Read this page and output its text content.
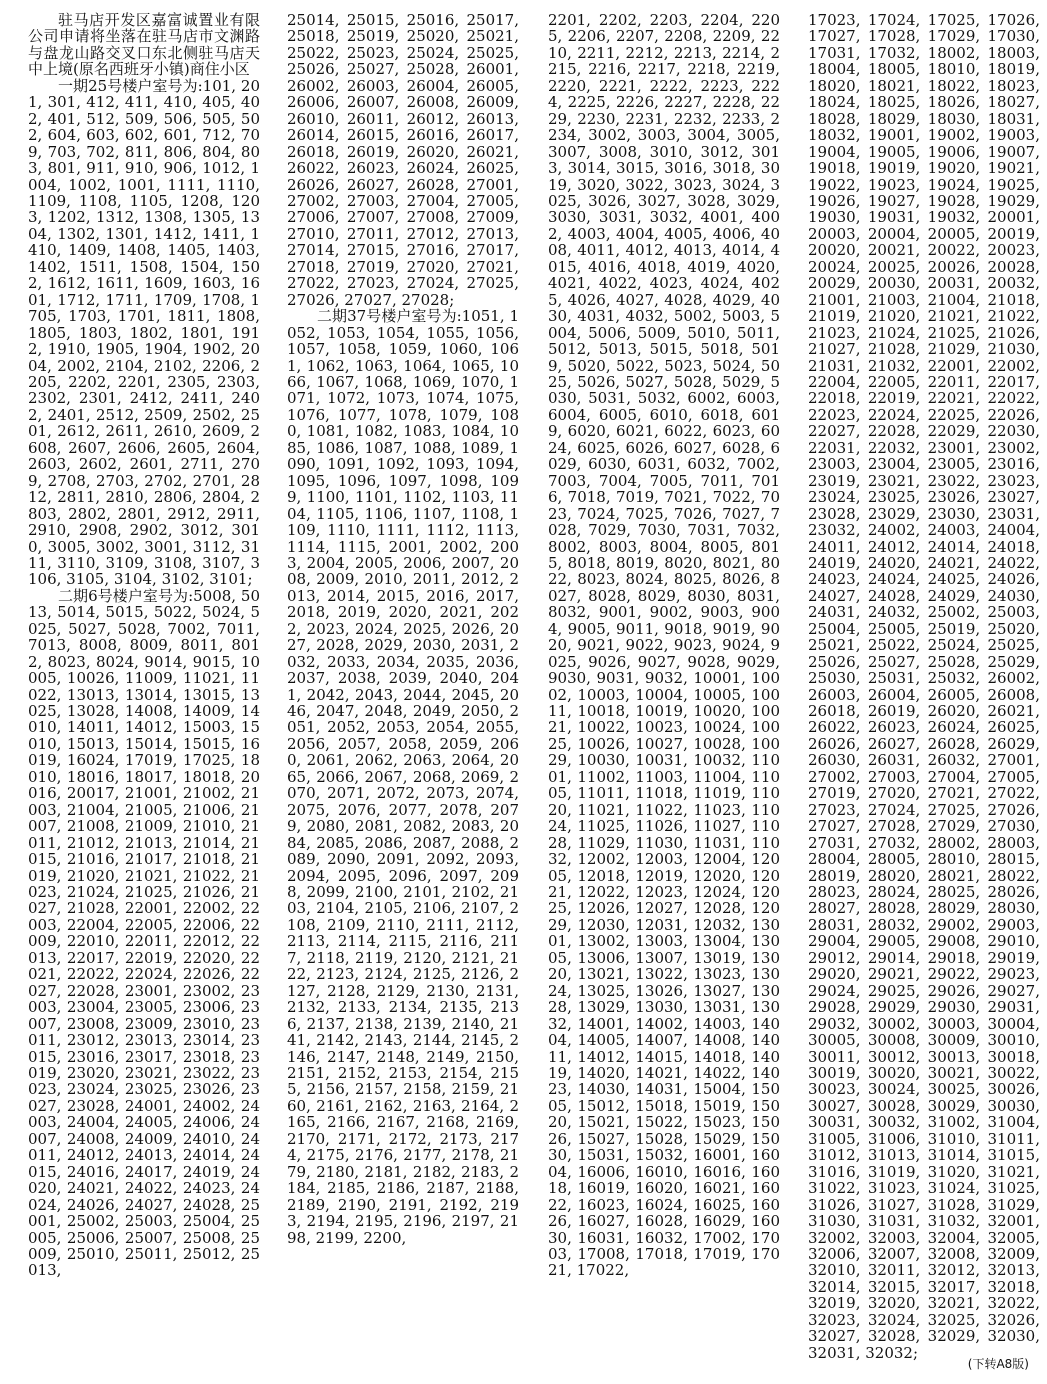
驻马店开发区嘉富诚置业有限公司申请将坐落在驻马店市文渊路与盘龙山路交叉口东北侧驻马店天中上境(原名西班牙小镇)商住小区

一期25号楼户室号为:101, 201, 301, 412, 411, 410, 405, 402, 401, 512, 509, 506, 505, 502, 604, 603, 602, 601, 712, 709, 703, 702, 811, 806, 804, 803, 801, 911, 910, 906, 1012, 1004, 1002, 1001, 1111, 1110, 1109, 1108, 1105, 1208, 1203, 1202, 1312, 1308, 1305, 1304, 1302, 1301, 1412, 1411, 1410, 1409, 1408, 1405, 1403, 1402, 1511, 1508, 1504, 1502, 1612, 1611, 1609, 1603, 1601, 1712, 1711, 1709, 1708, 1705, 1703, 1701, 1811, 1808, 1805, 1803, 1802, 1801, 1912, 1910, 1905, 1904, 1902, 2004, 2002, 2104, 2102, 2206, 2205, 2202, 2201, 2305, 2303, 2302, 2301, 2412, 2411, 2402, 2401, 2512, 2509, 2502, 2501, 2612, 2611, 2610, 2609, 2608, 2607, 2606, 2605, 2604, 2603, 2602, 2601, 2711, 2709, 2708, 2703, 2702, 2701, 2812, 2811, 2810, 2806, 2804, 2803, 2802, 2801, 2912, 2911, 2910, 2908, 2902, 3012, 3010, 3005, 3002, 3001, 3112, 3111, 3110, 3109, 3108, 3107, 3106, 3105, 3104, 3102, 3101;

二期6号楼户室号为:5008, 5013, 5014, 5015, 5022, 5024, 5025, 5027, 5028, 7002, 7011, 7013, 8008, 8009, 8011, 8012, 8023, 8024, 9014, 9015, 10005, 10026, 11009, 11021, 11022, 13013, 13014, 13015, 13025, 13028, 14008, 14009, 14010, 14011, 14012, 15003, 15010, 15013, 15014, 15015, 16019, 16024, 17019, 17025, 18010, 18016, 18017, 18018, 20016, 20017, 21001, 21002, 21003, 21004, 21005, 21006, 21007, 21008, 21009, 21010, 21011, 21012, 21013, 21014, 21015, 21016, 21017, 21018, 21019, 21020, 21021, 21022, 21023, 21024, 21025, 21026, 21027, 21028, 22001, 22002, 22003, 22004, 22005, 22006, 22009, 22010, 22011, 22012, 22013, 22017, 22019, 22020, 22021, 22022, 22024, 22026, 22027, 22028, 23001, 23002, 23003, 23004, 23005, 23006, 23007, 23008, 23009, 23010, 23011, 23012, 23013, 23014, 23015, 23016, 23017, 23018, 23019, 23020, 23021, 23022, 23023, 23024, 23025, 23026, 23027, 23028, 24001, 24002, 24003, 24004, 24005, 24006, 24007, 24008, 24009, 24010, 24011, 24012, 24013, 24014, 24015, 24016, 24017, 24019, 24020, 24021, 24022, 24023, 24024, 24026, 24027, 24028, 25001, 25002, 25003, 25004, 25005, 25006, 25007, 25008, 25009, 25010, 25011, 25012, 25013,

25014, 25015, 25016, 25017, 25018, 25019, 25020, 25021, 25022, 25023, 25024, 25025, 25026, 25027, 25028, 26001, 26002, 26003, 26004, 26005, 26006, 26007, 26008, 26009, 26010, 26011, 26012, 26013, 26014, 26015, 26016, 26017, 26018, 26019, 26020, 26021, 26022, 26023, 26024, 26025, 26026, 26027, 26028, 27001, 27002, 27003, 27004, 27005, 27006, 27007, 27008, 27009, 27010, 27011, 27012, 27013, 27014, 27015, 27016, 27017, 27018, 27019, 27020, 27021, 27022, 27023, 27024, 27025, 27026, 27027, 27028;

二期37号楼户室号为:1051, 1052, 1053, 1054, 1055, 1056, 1057, 1058, 1059, 1060, 1061, 1062, 1063, 1064, 1065, 1066, 1067, 1068, 1069, 1070, 1071, 1072, 1073, 1074, 1075, 1076, 1077, 1078, 1079, 1080, 1081, 1082, 1083, 1084, 1085, 1086, 1087, 1088, 1089, 1090, 1091, 1092, 1093, 1094, 1095, 1096, 1097, 1098, 1099, 1100, 1101, 1102, 1103, 1104, 1105, 1106, 1107, 1108, 1109, 1110, 1111, 1112, 1113, 1114, 1115, 2001, 2002, 2003, 2004, 2005, 2006, 2007, 2008, 2009, 2010, 2011, 2012, 2013, 2014, 2015, 2016, 2017, 2018, 2019, 2020, 2021, 2022, 2023, 2024, 2025, 2026, 2027, 2028, 2029, 2030, 2031, 2032, 2033, 2034, 2035, 2036, 2037, 2038, 2039, 2040, 2041, 2042, 2043, 2044, 2045, 2046, 2047, 2048, 2049, 2050, 2051, 2052, 2053, 2054, 2055, 2056, 2057, 2058, 2059, 2060, 2061, 2062, 2063, 2064, 2065, 2066, 2067, 2068, 2069, 2070, 2071, 2072, 2073, 2074, 2075, 2076, 2077, 2078, 2079, 2080, 2081, 2082, 2083, 2084, 2085, 2086, 2087, 2088, 2089, 2090, 2091, 2092, 2093, 2094, 2095, 2096, 2097, 2098, 2099, 2100, 2101, 2102, 2103, 2104, 2105, 2106, 2107, 2108, 2109, 2110, 2111, 2112, 2113, 2114, 2115, 2116, 2117, 2118, 2119, 2120, 2121, 2122, 2123, 2124, 2125, 2126, 2127, 2128, 2129, 2130, 2131, 2132, 2133, 2134, 2135, 2136, 2137, 2138, 2139, 2140, 2141, 2142, 2143, 2144, 2145, 2146, 2147, 2148, 2149, 2150, 2151, 2152, 2153, 2154, 2155, 2156, 2157, 2158, 2159, 2160, 2161, 2162, 2163, 2164, 2165, 2166, 2167, 2168, 2169, 2170, 2171, 2172, 2173, 2174, 2175, 2176, 2177, 2178, 2179, 2180, 2181, 2182, 2183, 2184, 2185, 2186, 2187, 2188, 2189, 2190, 2191, 2192, 2193, 2194, 2195, 2196, 2197, 2198, 2199, 2200,

2201, 2202, 2203, 2204, 2205, 2206, 2207, 2208, 2209, 2210, 2211, 2212, 2213, 2214, 2215, 2216, 2217, 2218, 2219, 2220, 2221, 2222, 2223, 2224, 2225, 2226, 2227, 2228, 2229, 2230, 2231, 2232, 2233, 2234, 3002, 3003, 3004, 3005, 3007, 3008, 3010, 3012, 3013, 3014, 3015, 3016, 3018, 3019, 3020, 3022, 3023, 3024, 3025, 3026, 3027, 3028, 3029, 3030, 3031, 3032, 4001, 4002, 4003, 4004, 4005, 4006, 4008, 4011, 4012, 4013, 4014, 4015, 4016, 4018, 4019, 4020, 4021, 4022, 4023, 4024, 4025, 4026, 4027, 4028, 4029, 4030, 4031, 4032, 5002, 5003, 5004, 5006, 5009, 5010, 5011, 5012, 5013, 5015, 5018, 5019, 5020, 5022, 5023, 5024, 5025, 5026, 5027, 5028, 5029, 5030, 5031, 5032, 6002, 6003, 6004, 6005, 6010, 6018, 6019, 6020, 6021, 6022, 6023, 6024, 6025, 6026, 6027, 6028, 6029, 6030, 6031, 6032, 7002, 7003, 7004, 7005, 7011, 7016, 7018, 7019, 7021, 7022, 7023, 7024, 7025, 7026, 7027, 7028, 7029, 7030, 7031, 7032, 8002, 8003, 8004, 8005, 8015, 8018, 8019, 8020, 8021, 8022, 8023, 8024, 8025, 8026, 8027, 8028, 8029, 8030, 8031, 8032, 9001, 9002, 9003, 9004, 9005, 9011, 9018, 9019, 9020, 9021, 9022, 9023, 9024, 9025, 9026, 9027, 9028, 9029, 9030, 9031, 9032, 10001, 10002, 10003, 10004, 10005, 10011, 10018, 10019, 10020, 10021, 10022, 10023, 10024, 10025, 10026, 10027, 10028, 10029, 10030, 10031, 10032, 11001, 11002, 11003, 11004, 11005, 11011, 11018, 11019, 11020, 11021, 11022, 11023, 11024, 11025, 11026, 11027, 11028, 11029, 11030, 11031, 11032, 12002, 12003, 12004, 12005, 12018, 12019, 12020, 12021, 12022, 12023, 12024, 12025, 12026, 12027, 12028, 12029, 12030, 12031, 12032, 13001, 13002, 13003, 13004, 13005, 13006, 13007, 13019, 13020, 13021, 13022, 13023, 13024, 13025, 13026, 13027, 13028, 13029, 13030, 13031, 13032, 14001, 14002, 14003, 14004, 14005, 14007, 14008, 14011, 14012, 14015, 14018, 14019, 14020, 14021, 14022, 14023, 14030, 14031, 15004, 15005, 15012, 15018, 15019, 15020, 15021, 15022, 15023, 15026, 15027, 15028, 15029, 15030, 15031, 15032, 16001, 16004, 16006, 16010, 16016, 16018, 16019, 16020, 16021, 16022, 16023, 16024, 16025, 16026, 16027, 16028, 16029, 16030, 16031, 16032, 17002, 17003, 17008, 17018, 17019, 17021, 17022,

17023, 17024, 17025, 17026, 17027, 17028, 17029, 17030, 17031, 17032, 18002, 18003, 18004, 18005, 18010, 18019, 18020, 18021, 18022, 18023, 18024, 18025, 18026, 18027, 18028, 18029, 18030, 18031, 18032, 19001, 19002, 19003, 19004, 19005, 19006, 19007, 19018, 19019, 19020, 19021, 19022, 19023, 19024, 19025, 19026, 19027, 19028, 19029, 19030, 19031, 19032, 20001, 20003, 20004, 20005, 20019, 20020, 20021, 20022, 20023, 20024, 20025, 20026, 20028, 20029, 20030, 20031, 20032, 21001, 21003, 21004, 21018, 21019, 21020, 21021, 21022, 21023, 21024, 21025, 21026, 21027, 21028, 21029, 21030, 21031, 21032, 22001, 22002, 22004, 22005, 22011, 22017, 22018, 22019, 22021, 22022, 22023, 22024, 22025, 22026, 22027, 22028, 22029, 22030, 22031, 22032, 23001, 23002, 23003, 23004, 23005, 23016, 23019, 23021, 23022, 23023, 23024, 23025, 23026, 23027, 23028, 23029, 23030, 23031, 23032, 24002, 24003, 24004, 24011, 24012, 24014, 24018, 24019, 24020, 24021, 24022, 24023, 24024, 24025, 24026, 24027, 24028, 24029, 24030, 24031, 24032, 25002, 25003, 25004, 25005, 25019, 25020, 25021, 25022, 25024, 25025, 25026, 25027, 25028, 25029, 25030, 25031, 25032, 26002, 26003, 26004, 26005, 26008, 26018, 26019, 26020, 26021, 26022, 26023, 26024, 26025, 26026, 26027, 26028, 26029, 26030, 26031, 26032, 27001, 27002, 27003, 27004, 27005, 27019, 27020, 27021, 27022, 27023, 27024, 27025, 27026, 27027, 27028, 27029, 27030, 27031, 27032, 28002, 28003, 28004, 28005, 28010, 28015, 28019, 28020, 28021, 28022, 28023, 28024, 28025, 28026, 28027, 28028, 28029, 28030, 28031, 28032, 29002, 29003, 29004, 29005, 29008, 29010, 29012, 29014, 29018, 29019, 29020, 29021, 29022, 29023, 29024, 29025, 29026, 29027, 29028, 29029, 29030, 29031, 29032, 30002, 30003, 30004, 30005, 30008, 30009, 30010, 30011, 30012, 30013, 30018, 30019, 30020, 30021, 30022, 30023, 30024, 30025, 30026, 30027, 30028, 30029, 30030, 30031, 30032, 31002, 31004, 31005, 31006, 31010, 31011, 31012, 31013, 31014, 31015, 31016, 31019, 31020, 31021, 31022, 31023, 31024, 31025, 31026, 31027, 31028, 31029, 31030, 31031, 31032, 32001, 32002, 32003, 32004, 32005, 32006, 32007, 32008, 32009, 32010, 32011, 32012, 32013, 32014, 32015, 32017, 32018, 32019, 32020, 32021, 32022, 32023, 32024, 32025, 32026, 32027, 32028, 32029, 32030, 32031, 32032;

(下转A8版)
